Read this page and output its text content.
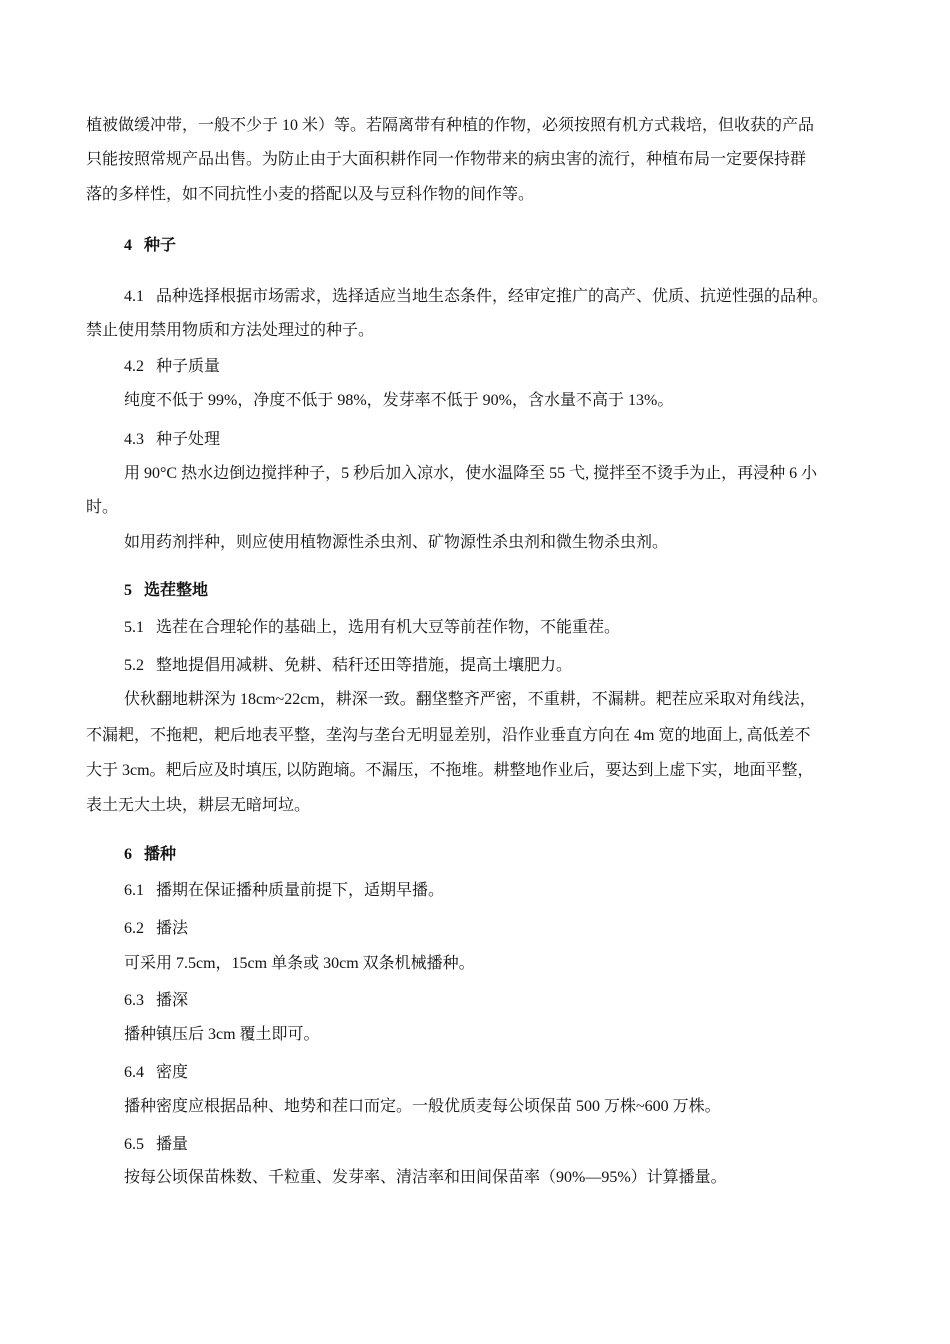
植被做缓冲带，一般不少于 10 米）等。若隔离带有种植的作物，必须按照有机方式栽培，但收获的产品
只能按照常规产品出售。为防止由于大面积耕作同一作物带来的病虫害的流行，种植布局一定要保持群
落的多样性，如不同抗性小麦的搭配以及与豆科作物的间作等。
4 种子
4.1 品种选择根据市场需求，选择适应当地生态条件，经审定推广的高产、优质、抗逆性强的品种。
禁止使用禁用物质和方法处理过的种子。
4.2 种子质量
纯度不低于 99%，净度不低于 98%，发芽率不低于 90%，含水量不高于 13%。
4.3 种子处理
用 90°C 热水边倒边搅拌种子，5 秒后加入凉水，使水温降至 55 弋, 搅拌至不烫手为止，再浸种 6 小
时。
如用药剂拌种，则应使用植物源性杀虫剂、矿物源性杀虫剂和微生物杀虫剂。
5 选茬整地
5.1 选茬在合理轮作的基础上，选用有机大豆等前茬作物，不能重茬。
5.2 整地提倡用减耕、免耕、秸秆还田等措施，提高土壤肥力。
伏秋翻地耕深为 18cm~22cm，耕深一致。翻垡整齐严密，不重耕，不漏耕。耙茬应采取对角线法，
不漏耙，不拖耙，耙后地表平整，垄沟与垄台无明显差别，沿作业垂直方向在 4m 宽的地面上, 高低差不
大于 3cm。耙后应及时填压, 以防跑墒。不漏压，不拖堆。耕整地作业后，要达到上虚下实，地面平整，
表土无大土块，耕层无暗坷垃。
6 播种
6.1 播期在保证播种质量前提下，适期早播。
6.2 播法
可采用 7.5cm，15cm 单条或 30cm 双条机械播种。
6.3 播深
播种镇压后 3cm 覆土即可。
6.4 密度
播种密度应根据品种、地势和茬口而定。一般优质麦每公顷保苗 500 万株~600 万株。
6.5 播量
按每公顷保苗株数、千粒重、发芽率、清洁率和田间保苗率（90%—95%）计算播量。
